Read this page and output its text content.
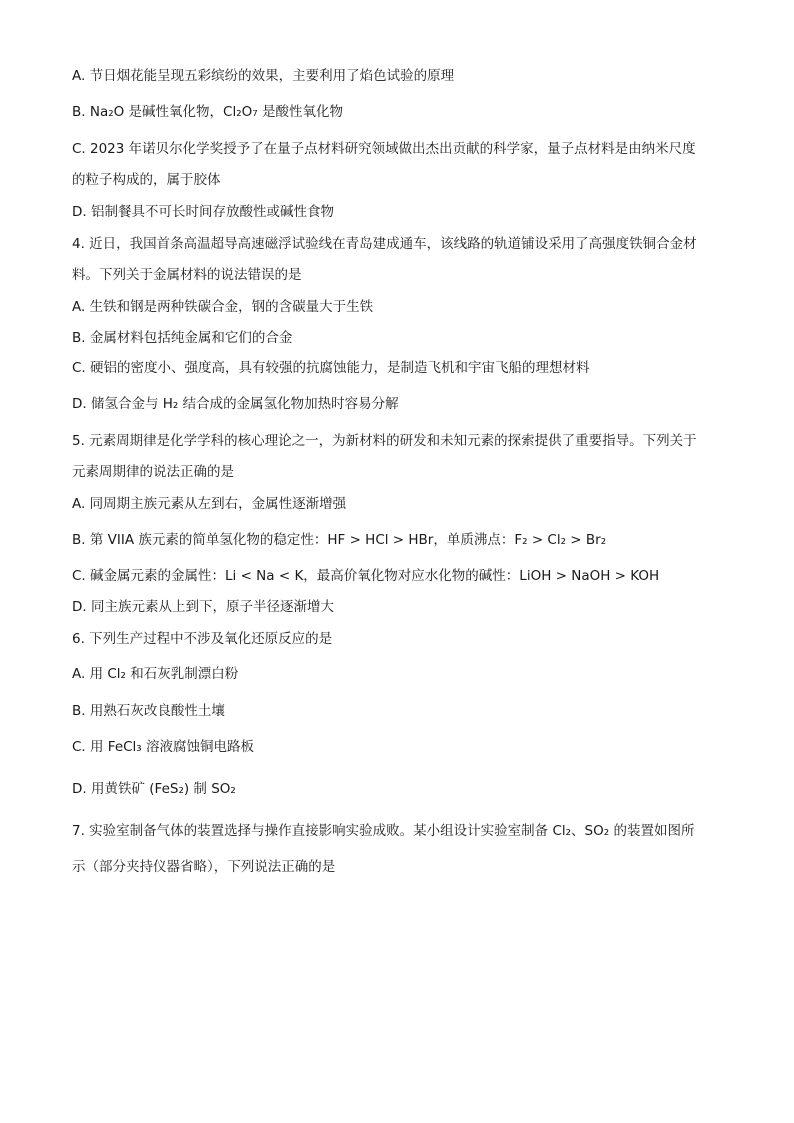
A. 节日烟花能呈现五彩缤纷的效果，主要利用了焰色试验的原理
B. Na₂O 是碱性氧化物，Cl₂O₇ 是酸性氧化物
C. 2023 年诺贝尔化学奖授予了在量子点材料研究领域做出杰出贡献的科学家，量子点材料是由纳米尺度
的粒子构成的，属于胶体
D. 铝制餐具不可长时间存放酸性或碱性食物
4. 近日，我国首条高温超导高速磁浮试验线在青岛建成通车，该线路的轨道铺设采用了高强度铁铜合金材
料。下列关于金属材料的说法错误的是
A. 生铁和钢是两种铁碳合金，钢的含碳量大于生铁
B. 金属材料包括纯金属和它们的合金
C. 硬铝的密度小、强度高，具有较强的抗腐蚀能力，是制造飞机和宇宙飞船的理想材料
D. 储氢合金与 H₂ 结合成的金属氢化物加热时容易分解
5. 元素周期律是化学学科的核心理论之一，为新材料的研发和未知元素的探索提供了重要指导。下列关于
元素周期律的说法正确的是
A. 同周期主族元素从左到右，金属性逐渐增强
B. 第 VIIA 族元素的简单氢化物的稳定性：HF > HCl > HBr，单质沸点：F₂ > Cl₂ > Br₂
C. 碱金属元素的金属性：Li < Na < K，最高价氧化物对应水化物的碱性：LiOH > NaOH > KOH
D. 同主族元素从上到下，原子半径逐渐增大
6. 下列生产过程中不涉及氧化还原反应的是
A. 用 Cl₂ 和石灰乳制漂白粉
B. 用熟石灰改良酸性土壤
C. 用 FeCl₃ 溶液腐蚀铜电路板
D. 用黄铁矿 (FeS₂) 制 SO₂
7. 实验室制备气体的装置选择与操作直接影响实验成败。某小组设计实验室制备 Cl₂、SO₂ 的装置如图所
示（部分夹持仪器省略），下列说法正确的是
